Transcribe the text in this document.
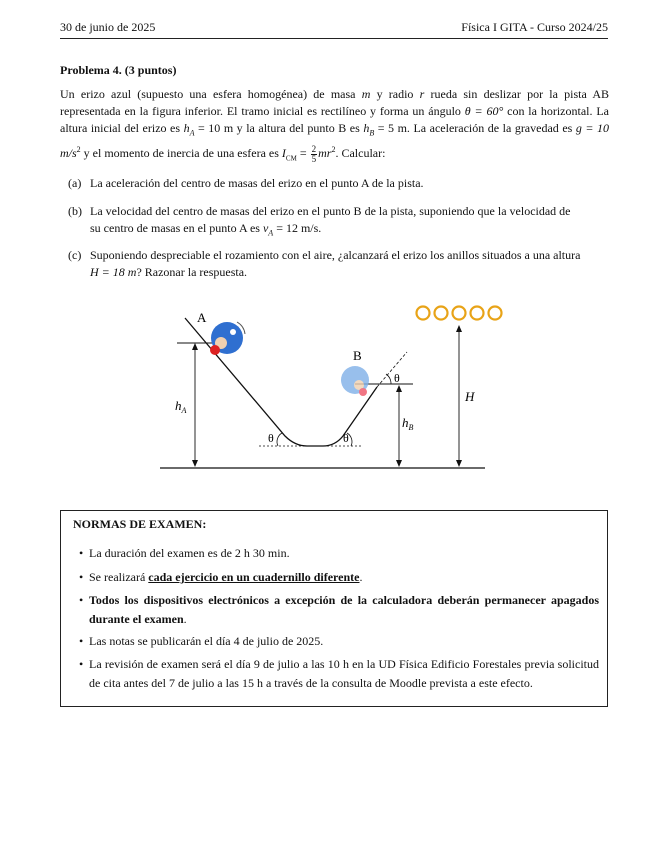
30 de junio de 2025	Física I GITA - Curso 2024/25
Problema 4. (3 puntos)

Un erizo azul (supuesto una esfera homogénea) de masa m y radio r rueda sin deslizar por la pista AB representada en la figura inferior. El tramo inicial es rectilíneo y forma un ángulo θ = 60° con la horizontal. La altura inicial del erizo es $h_A = 10$ m y la altura del punto B es $h_B = 5$ m. La aceleración de la gravedad es g = 10 $m/s^2$ y el momento de inercia de una esfera es $I_{CM} = \frac{2}{5} mr^2$. Calcular:

(a) La aceleración del centro de masas del erizo en el punto A de la pista.
(b) La velocidad del centro de masas del erizo en el punto B de la pista, suponiendo que la velocidad de
su centro de masas en el punto A es $v_A = 12$ m/s.
(c) Suponiendo despreciable el rozamiento con el aire, ¿alcanzará el erizo los anillos situados a una altura
H = 18 m? Razonar la respuesta.
A
B
$h_A$
$h_B$
H
θ	θ
θ
NORMAS DE EXAMEN:
• La duración del examen es de 2 h 30 min.
• Se realizará cada ejercicio en un cuadernillo diferente.
• Todos los dispositivos electrónicos a excepción de la calculadora deberán permanecer apagados durante el examen.
• Las notas se publicarán el día 4 de julio de 2025.
• La revisión de examen será el día 9 de julio a las 10 h en la UD Física Edificio Forestales previa solicitud de cita antes del 7 de julio a las 15 h a través de la consulta de Moodle prevista a este efecto.
